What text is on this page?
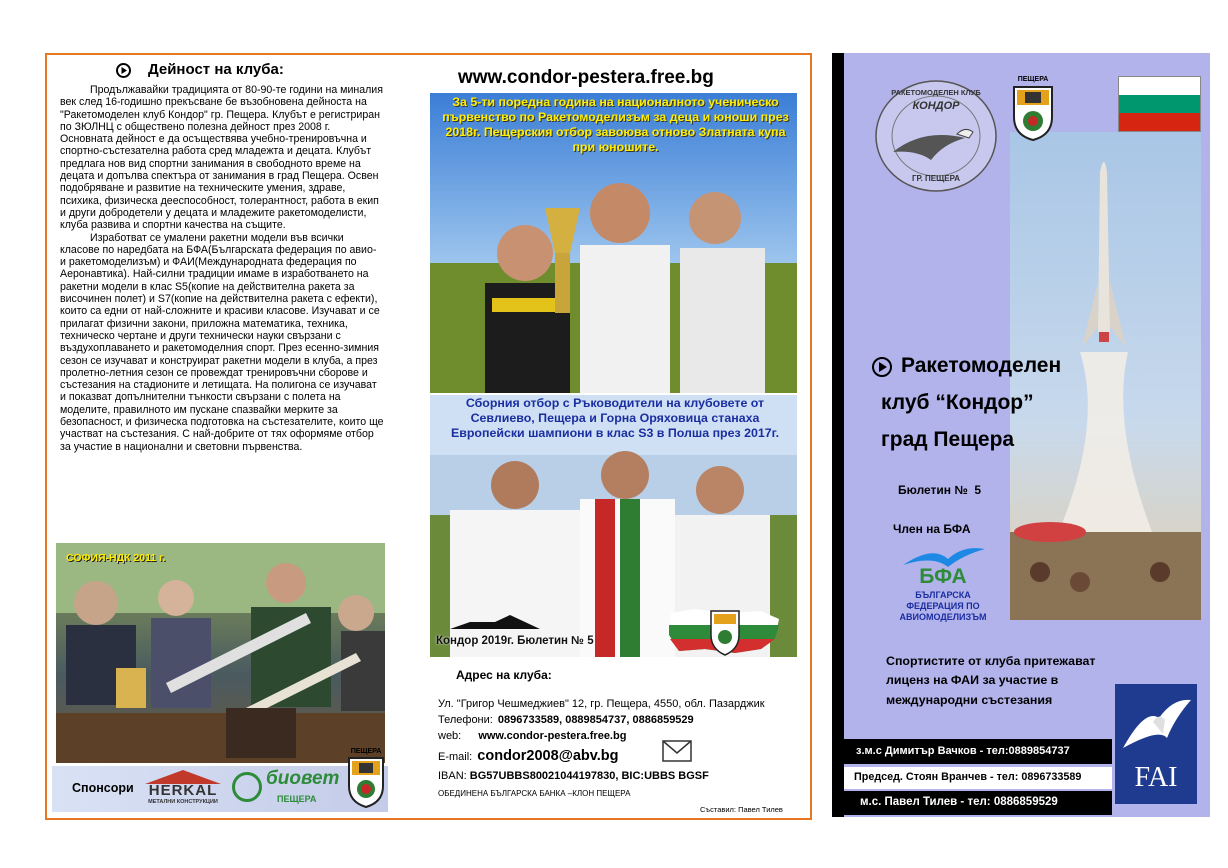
Дейност на клуба:

Продължавайки традицията от 80-90-те години на миналия век след 16-годишно прекъсване бе възобновена дейноста на "Ракетомоделен клуб Кондор" гр. Пещера. Клубът е регистриран по ЗЮЛНЦ с обществено полезна дейност през 2008 г. Основната дейност е да осъществява учебно-тренировъчна и спортно-състезателна работа сред младежта и децата. Клубът предлага нов вид спортни занимания в свободното време на децата и допълва спектъра от занимания в град Пещера. Освен подобряване и развитие на техническите умения, здраве, психика, физическа дееспособност, толерантност, работа в екип и други добродетели у децата и младежите ракетомоделисти, клуба развива и спортни качества на същите.

Изработват се умалени ракетни модели във всички класове по наредбата на БФА(Българската федерация по авио- и ракетомоделизъм) и ФАИ(Международната федерация по Аеронавтика). Най-силни традиции имаме в изработването на ракетни модели в клас S5(копие на действителна ракета за височинен полет) и S7(копие на действителна ракета с ефекти), които са едни от най-сложните и красиви класове. Изучават и се прилагат физични закони, приложна математика, техника, техническо чертане и други технически науки свързани с въздухоплаването и ракетомоделния спорт. През есенно-зимния сезон се изучават и конструират ракетни модели в клуба, а през пролетно-летния сезон се провеждат тренировъчни сборове и състезания на стадионите и летищата. На полигона се изучават и показват допълнителни тънкости свързани с полета на моделите, правилното им пускане спазвайки мерките за безопасност, и физическа подготовка на състезателите, които ще участват на състезания. С най-добрите от тях оформяме отбор за участие в национални и световни първенства.

СОФИЯ-НДК 2011 г.
Спонсори HERKAL
МЕТАЛНИ КОНСТРУКЦИИ
биовет
ПЕЩЕРА
ПЕЩЕРА
www.condor-pestera.free.bg
За 5-ти поредна година на националното ученическо първенство по Ракетомоделизъм за деца и юноши през 2018г. Пещерския отбор завоюва отново Златната купа при юношите.
Сборния отбор с Ръководители на клубовете от Севлиево, Пещера и Горна Оряховица станаха Европейски шампиони в клас S3 в Полша през 2017г.
Кондор 2019г. Бюлетин № 5
Адрес на клуба:
Ул. "Григор Чешмеджиев" 12, гр. Пещера, 4550, обл. Пазарджик
Телефони: 0896733589, 0889854737, 0886859529
web: www.condor-pestera.free.bg
E-mail: condor2008@abv.bg
IBAN: BG57UBBS80021044197830, BIC:UBBS BGSF
ОБЕДИНЕНА БЪЛГАРСКА БАНКА –КЛОН ПЕЩЕРА
Съставил: Павел Тилев
РАКЕТОМОДЕЛЕН КЛУБ
КОНДОР
ГР. ПЕЩЕРА
ПЕЩЕРА
Ракетомоделен
клуб “Кондор”
град Пещера
Бюлетин №  5
Член на БФА
БФА
БЪЛГАРСКА ФЕДЕРАЦИЯ ПО АВИОМОДЕЛИЗЪМ
Спортистите от клуба притежават лиценз на ФАИ за участие в международни състезания
з.м.с Димитър Вачков - тел:0889854737
Председ. Стоян Вранчев - тел: 0896733589
м.с. Павел Тилев - тел: 0886859529
FAI
